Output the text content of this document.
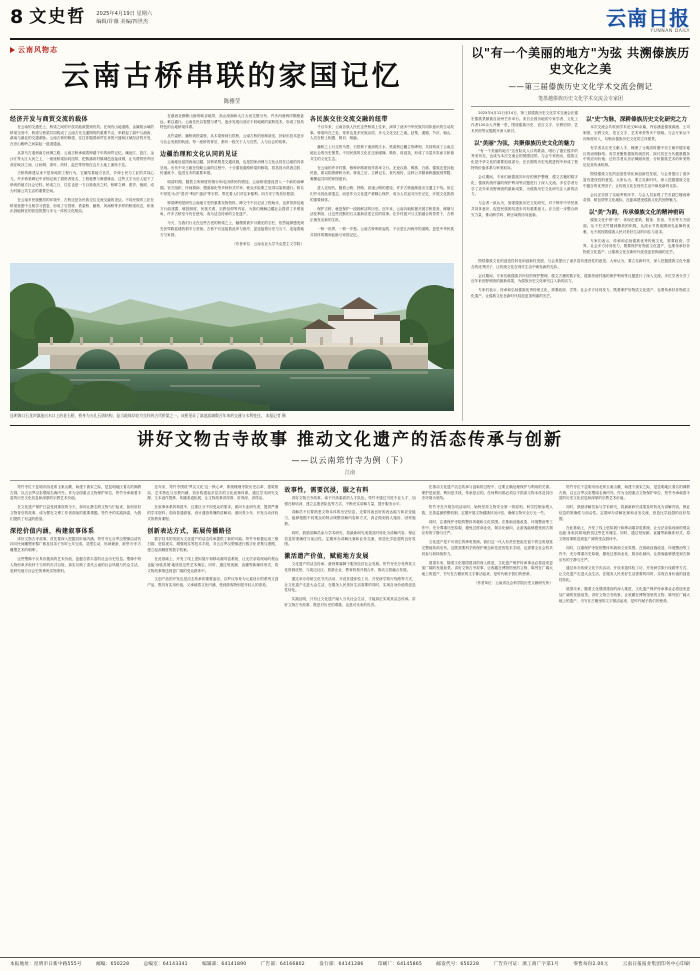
8 文史哲 2025年4月19日 星期六
编辑/许薇 美编/四世杰	云南日报
YUNNAN DAILY
云南风物志
云南古桥串联的家国记忆
陈雅莹
经济开发与商贸交流的载体

在云南的交通史上，桥梁之间的开放功能被提到有效。在现有山地道路、金属航水域的桥梁交易中，桥梁与桥梁共同构成了云南古代交通网络的重要节点，串联起了滇中与滇西、滇南与滇北的交通命脉。云南古桥的修建，往往伴随着商贸往来的兴盛和区域经济的开发，在崇山峻岭之间架起一道道通途。

从茶马古道到南方丝绸之路，云南古桥承载着跨越千年的商贸记忆。澜沧江、怒江、金沙江等大江大河之上，一座座桥梁如同纽带，把散落的村镇城邑连接成网，让马帮的铃声回荡在峡谷之间，让丝绸、茶叶、药材、盐巴等货物在这片土地上流转不息。

古桥的修建从来不是单纯的工程行为，它凝结着地方官员、乡绅士民与工匠的共同心力。许多桥梁碑记中详细记载了捐资者姓名、工程耗费与修建缘由，这些文字为后人留下了珍贵的地方社会史料。桥成之日，往往也是一方百姓欢庆之时，桥畔立碑、建亭、植树，成为村落公共生活的重要空间。

在云南多民族聚居的环境中，古桥还是各民族交往交流交融的见证。不同民族的工匠在桥梁营建中互相学习借鉴，形成了石拱桥、铁索桥、藤桥、风雨桥等多样的桥梁形态，体现出因地制宜的营造智慧与多元一体的文化格局。

在滇西北横断山脉的峡谷地带，高山深涧和大江大河交错分布，许多河流两岸隔绝甚远，难以通行。云南先民以智慧与勇气，逐步发展出适应不同地貌的架桥技术，形成了独具特色的山地桥梁体系。

从竹索桥、藤桥到铁索桥，从木梁桥到石拱桥，云南古桥的形制演变，折射出技术进步与社会发展的轨迹。每一座桥的背后，都有一段关于人与自然、人与社会的故事。

边疆治理和文化认同的见证

云南地处祖国西南边疆，其桥梁既是交通设施，也是国家治理与文化认同在边地的具体呈现。历代中央王朝在经略云南的过程中，十分重视道路桥梁的修筑，将其视为巩固边防、传递政令、促进互市的重要举措。

明清时期，随着卫所制度的推行和屯田移民的增加，云南桥梁建设进入一个新的高峰期。官方组织、民间捐助、僧道募化等多种形式并举，使众多险要之处得以架桥通行。桥名中常见'永济''普济''利济''通济'等字样，寄托着人们对往来便利、四方安宁的美好愿望。

桥梁碑刻是研究云南地方史的重要实物资料。碑文中不仅记录工程始末，也常常涉及地方行政建置、赋役制度、民族关系、宗教信仰等内容，为我们理解边疆社会提供了多维视角。许多古桥至今仍在使用，成为活态传承的文化遗产。

今天，当我们行走在这些古老的桥梁之上，触摸着被岁月磨光的石栏，依然能够感受到先民筚路蓝缕的艰辛与坚韧。古桥不仅连接着此岸与彼岸，更连接着历史与当下，连接着地方与家国。

（作者单位：云南农业大学马克思主义学院）

各民族交往交流交融的纽带

千百年来，云南各族人民在这些桥梁上往来，演绎了诸多中华民族共同体意识的生动故事。桥梁所在之处，常常也是多民族杂居、多元文化交汇之地。赶集、通婚、节庆、朝山，人们在桥上相遇、相识、相融。

藤桥之上行走的马帮，石拱桥下流淌的江水，铁索桥边矗立的碑刻，共同构成了云南边地社会的历史图景。不同民族的文化在这里碰撞、吸收、再创造，形成了丰富多彩而又和谐共生的文化生态。

在云南的许多村寨，修桥补路被视作善举义行。无论汉族、彝族、白族、傣族还是其他民族，都以捐资修桥为荣。桥成之后，立碑记名，世代相传，这种公共精神跨越族别界限，凝聚起共同的家园意识。

进入近现代，随着公路、铁路、高速公路的建设，许多古桥逐渐退出交通主干线。但它们并未因此被遗忘，而是作为文化遗产被精心保护，成为人们追寻历史记忆、开展文化旅游的重要载体。

保护古桥，就是保护一段段鲜活的历史。近年来，云南各地积极开展古桥普查、修缮与活化利用，让这些沉默的石头重新讲述它们的故事。在乡村振兴与文旅融合的背景下，古桥正焕发出新的生机。

一桥一世界，一桥一乡愁。云南古桥串联起的，不仅是江河两岸的道路，更是中华民族共同体的精神血脉与家国记忆。

以"有一个美丽的地方"为弦 共溯傣族历史文化之美
——第三届傣族历史文化学术交流会侧记
笔墨越傣族历史文化学术交流会专家团

2025年4月12日至14日，第三届傣族历史文化学术交流会在德宏傣族景颇族自治州芒市举行。来自全国各地的专家学者、文化工作者120余人齐聚一堂，围绕傣族历史、语言文字、宗教信仰、艺术民俗等议题展开深入研讨。

以"美丽"为弦，共聚傣族历史文化的魅力

"有一个美丽的地方"这首脍炙人口的歌曲，唱出了德宏傣乡的秀美风光，也成为本次交流会的情感纽带。与会专家指出，傣族文化是中华文化的重要组成部分，在长期的历史发展进程中形成了独特的价值体系与审美取向。

会议期间，专家们就傣族贝叶经的保护整理、傣文古籍的数字化、傣族传统村落的保护利用等议题进行了深入交流。多位学者分享了近年来田野调查的最新成果，为傣族历史文化研究注入新的活力。

与会者一致认为，加强傣族历史文化研究，对于铸牢中华民族共同体意识、促进民族团结进步具有重要意义。应当进一步整合研究力量，推动跨学科、跨区域的协同创新。

以"史"为脉，深耕傣族历史文化研究之力

本次交流会共收到学术论文60余篇，内容涵盖傣族源流、土司制度、宗教文化、语言文字、艺术审美等多个领域。与会专家从不同角度切入，勾勒出傣族历史文化的立体图景。

有学者从历史文献入手，梳理了元明清时期中央王朝对德宏地区的治理脉络；有学者聚焦傣族传统医药，探讨其在当代健康服务中的应用价值；还有学者从音乐舞蹈角度，分析傣族艺术的审美特征及其传承机制。

围绕傣族文化的创造性转化和创新性发展，与会者提出了诸多富有建设性的意见。大家认为，要立足新时代，深入挖掘傣族文化中蕴含的优秀因子，让传统文化在现代生活中焕发新的光彩。

会议还安排了实地考察环节，与会人员参观了芒市勐巴娜西珍奇园、树包塔等文化地标，近距离感受傣族文化的独特魅力。

以"美"为韵，传承傣族文化的精神密码

傣族文化中的"美"，体现在建筑、服饰、饮食、节庆等方方面面。从干栏式竹楼到精美的织锦，从泼水节的欢腾到孔雀舞的优雅，无不展现着傣族人民对美好生活的向往与追求。

专家们表示，传承和弘扬傣族优秀传统文化，需要政府、学界、社会多方协同发力，既要保护好物质文化遗产，也要传承好非物质文化遗产，让傣族文化在新时代绽放更加绚丽的光芒。

昆明海口石龙坝滇池出水口上的老石桥，桥身为五孔石拱结构，是当地保存较为完好的古代桥梁之一。该桥见证了滇池流域数百年来的交通与水利变迁。 本报记者 摄

围绕傣族文化的创造性转化和创新性发展，与会者提出了诸多富有建设性的意见。大家认为，要立足新时代，深入挖掘傣族文化中蕴含的优秀因子，让传统文化在现代生活中焕发新的光彩。

会议期间，专家们就傣族贝叶经的保护整理、傣文古籍的数字化、傣族传统村落的保护利用等议题进行了深入交流。多位学者分享了近年来田野调查的最新成果，为傣族历史文化研究注入新的活力。

专家们表示，传承和弘扬傣族优秀传统文化，需要政府、学界、社会多方协同发力，既要保护好物质文化遗产，也要传承好非物质文化遗产，让傣族文化在新时代绽放更加绚丽的光芒。

讲好文物古寺故事 推动文化遗产的活态传承与创新
——以云南筇竹寺为例（下）
江南

筇竹寺位于昆明市西北郊玉案山麓，始建于唐宋之际，是昆明地区著名的佛教古刹，以五百罗汉彩塑闻名海内外。作为全国重点文物保护单位，筇竹寺承载着丰富的历史文化信息和深厚的宗教艺术价值。

在文化遗产保护日益受到重视的今天，如何让静态的文物"活"起来，如何讲好文物背后的故事，成为摆在文博工作者面前的重要课题。筇竹寺的实践探索，为我们提供了有益的借鉴。

深挖价值内涵，构建叙事体系

讲好文物古寺故事，首先要深入挖掘其价值内涵。筇竹寺五百罗汉塑像由清代四川民间雕塑家黎广修及其弟子历时七年完成，造型生动，形神兼备，被誉为'东方雕塑艺术的明珠'。

这些塑像不仅具有极高的艺术价值，更蕴含着丰富的社会历史信息。塑像中的人物形象多取材于当时的市井百姓，真实反映了清代云南的社会风貌与民众生活，是研究地方社会史的珍贵实物资料。

近年来，筇竹寺围绕'罗汉文化'这一核心IP，系统梳理寺院历史沿革、建筑格局、艺术特色与宗教内涵，初步构建起多层次的文化叙事体系。通过学术研究支撑、文本创作提炼、传播渠道拓展，让文物故事讲得准、讲得深、讲得活。

在叙事体系的构建中，注重区分不同受众的需求。面向专业研究者，提供严谨的学术资料；面向普通游客，设计通俗易懂的讲解词；面向青少年，开发互动体验式的教育课程。

创新表达方式，拓展传播路径

数字技术的发展为文化遗产的活态传承提供了新的可能。筇竹寺积极运用三维扫描、虚拟现实、增强现实等技术手段，对五百罗汉塑像进行数字化采集与建模，建立起高精度的数字档案。

在此基础上，开发了线上虚拟展厅和移动端导览系统，让无法亲临现场的观众也能'身临其境'地欣赏这些艺术瑰宝。同时，通过短视频、直播等新媒体形式，将文物故事推送到更广阔的受众群体中。

文创产品的开发也是活态传承的重要途径。以罗汉形象为元素设计的系列文创产品，既具有实用价值，又承载着文化内涵，受到游客特别是年轻人的喜爱。

故事性，需要沉浸，服之有料

讲好文物古寺故事，离不开高素质的人才队伍。筇竹寺通过引进专业人才、加强在职培训、建立志愿者队伍等方式，不断充实讲解力量，提升服务水平。

讲解员不仅要熟悉文物本体的历史信息，还要具备良好的表达能力和应变能力，能够根据不同观众的特点调整讲解内容和方式，真正做到因人施讲、因材施教。

同时，鼓励讲解员参与学术研究，将最新研究成果及时转化为讲解内容，保证信息的准确性与前沿性。定期举办讲解比赛和业务交流，营造比学赶超的良好氛围。

激活遗产价值，赋能地方发展

文化遗产的活态传承，最终要落脚于服务经济社会发展。筇竹寺充分发挥其文化资源优势，与周边社区、旅游企业、教育机构开展合作，推动文旅融合发展。

通过举办传统文化节庆活动、开设非遗体验工坊、开发研学旅行线路等方式，让文化遗产走进大众生活，在服务人民美好生活需要的同时，实现自身价值的创造性转化。

实践证明，只有让文化遗产融入当代社会生活，才能真正实现其活态传承。讲好文物古寺故事，既是对历史的尊重，也是对未来的负责。

在推动文化遗产活态传承与创新的过程中，还要正确处理保护与利用的关系。保护是前提，利用是手段，传承是目的。任何利用都必须以不损害文物本体及其历史环境为底线。

筇竹寺在开展各项活动时，始终坚持文物安全第一的原则，科学控制参观人数，完善监测预警机制，定期开展文物健康状况评估，确保文物安全万无一失。

同时，注重保护寺院的整体风貌和文化氛围。在基础设施改造、环境整治等工作中，充分尊重历史原貌，避免过度商业化、娱乐化倾向，让游客能够感受到古刹应有的宁静与庄严。

文化遗产是不可再生的珍贵资源。我们这一代人有责任把祖先留下的宝贵财富完整地传给后代。这既需要科学的保护理念和先进的技术手段，也需要全社会的共同参与和持续努力。

展望未来，随着文化强国建设的深入推进，文化遗产保护传承事业必将迎来更加广阔的发展前景。讲好文物古寺故事，让收藏在博物馆里的文物、陈列在广阔大地上的遗产、书写在古籍里的文字都活起来，是时代赋予我们的使命。

（作者单位：云南省社会科学院历史文献研究所）

筇竹寺位于昆明市西北郊玉案山麓，始建于唐宋之际，是昆明地区著名的佛教古刹，以五百罗汉彩塑闻名海内外。作为全国重点文物保护单位，筇竹寺承载着丰富的历史文化信息和深厚的宗教艺术价值。

同时，鼓励讲解员参与学术研究，将最新研究成果及时转化为讲解内容，保证信息的准确性与前沿性。定期举办讲解比赛和业务交流，营造比学赶超的良好氛围。

在此基础上，开发了线上虚拟展厅和移动端导览系统，让无法亲临现场的观众也能'身临其境'地欣赏这些艺术瑰宝。同时，通过短视频、直播等新媒体形式，将文物故事推送到更广阔的受众群体中。

同时，注重保护寺院的整体风貌和文化氛围。在基础设施改造、环境整治等工作中，充分尊重历史原貌，避免过度商业化、娱乐化倾向，让游客能够感受到古刹应有的宁静与庄严。

通过举办传统文化节庆活动、开设非遗体验工坊、开发研学旅行线路等方式，让文化遗产走进大众生活，在服务人民美好生活需要的同时，实现自身价值的创造性转化。

展望未来，随着文化强国建设的深入推进，文化遗产保护传承事业必将迎来更加广阔的发展前景。讲好文物古寺故事，让收藏在博物馆里的文物、陈列在广阔大地上的遗产、书写在古籍里的文字都活起来，是时代赋予我们的使命。

本报地址：昆明市日新中路555号	邮编：650228	总编室：64143341	编辑部：64141890	广告部：64166802	发行部：64141286	印刷厂：64145865	邮发代号：650228	广告许可证：滇工商广字第1号	零售每份2.00元	云南日报报业集团印务中心印刷
